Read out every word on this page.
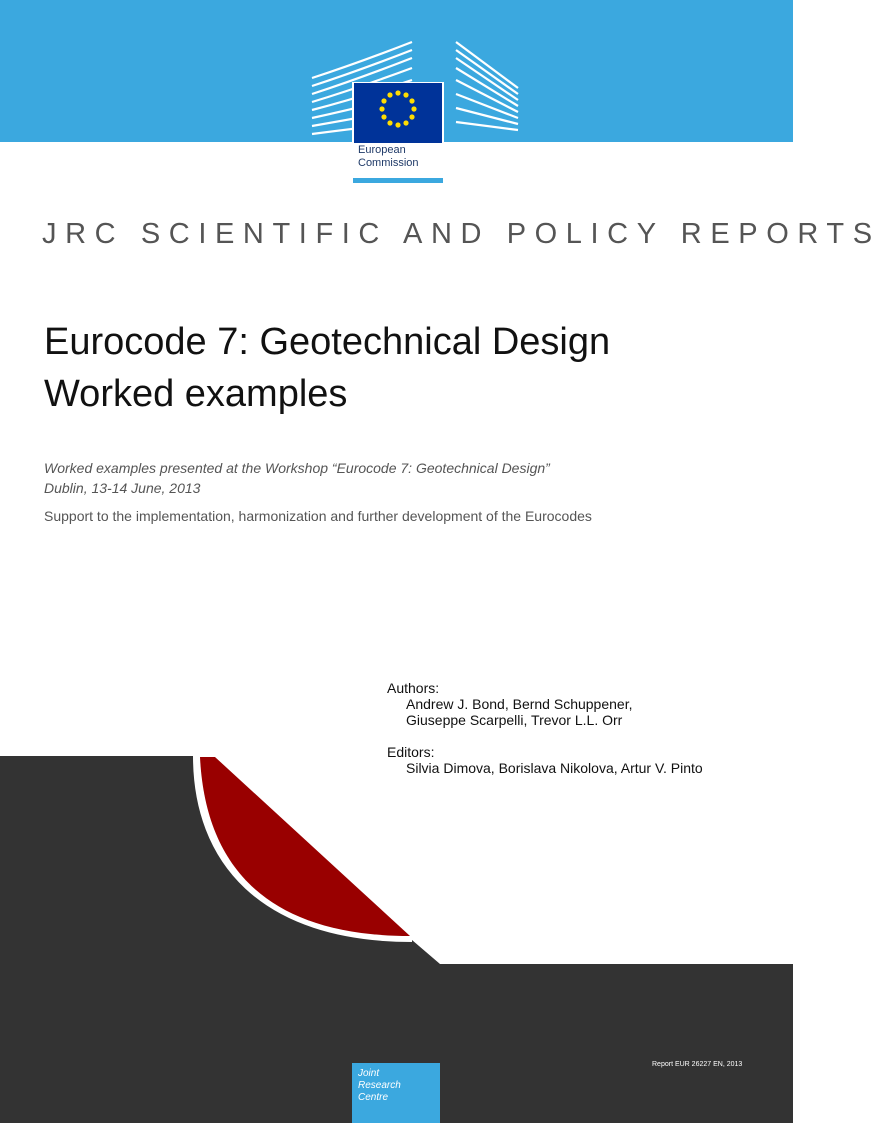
European
Commission
JRC SCIENTIFIC AND POLICY REPORTS
Eurocode 7: Geotechnical Design
Worked examples
Worked examples presented at the Workshop “Eurocode 7: Geotechnical Design”
Dublin, 13-14 June, 2013
Support to the implementation, harmonization and further development of the Eurocodes
Authors:
Andrew J. Bond, Bernd Schuppener,
Giuseppe Scarpelli, Trevor L.L. Orr
Editors:
Silvia Dimova, Borislava Nikolova, Artur V. Pinto
Report EUR 26227 EN, 2013
Joint
Research
Centre
